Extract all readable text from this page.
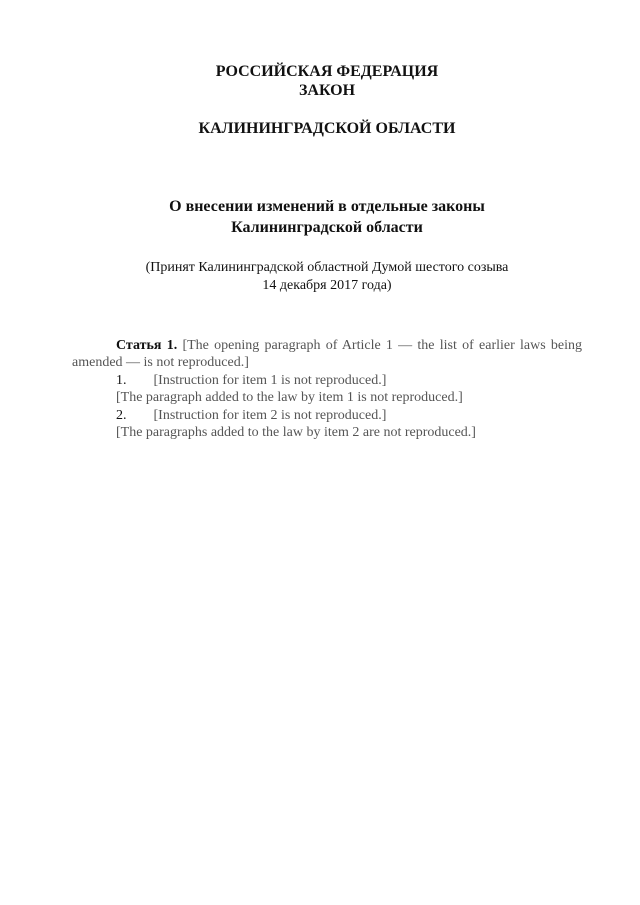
РОССИЙСКАЯ ФЕДЕРАЦИЯ
ЗАКОН
КАЛИНИНГРАДСКОЙ ОБЛАСТИ
О внесении изменений в отдельные законы
Калининградской области
(Принят Калининградской областной Думой шестого созыва
14 декабря 2017 года)

Статья 1. [The opening paragraph of Article 1 — the list of earlier laws being amended — is not reproduced.]

1. [Instruction for item 1 is not reproduced.]

[The paragraph added to the law by item 1 is not reproduced.]

2. [Instruction for item 2 is not reproduced.]

[The paragraphs added to the law by item 2 are not reproduced.]
